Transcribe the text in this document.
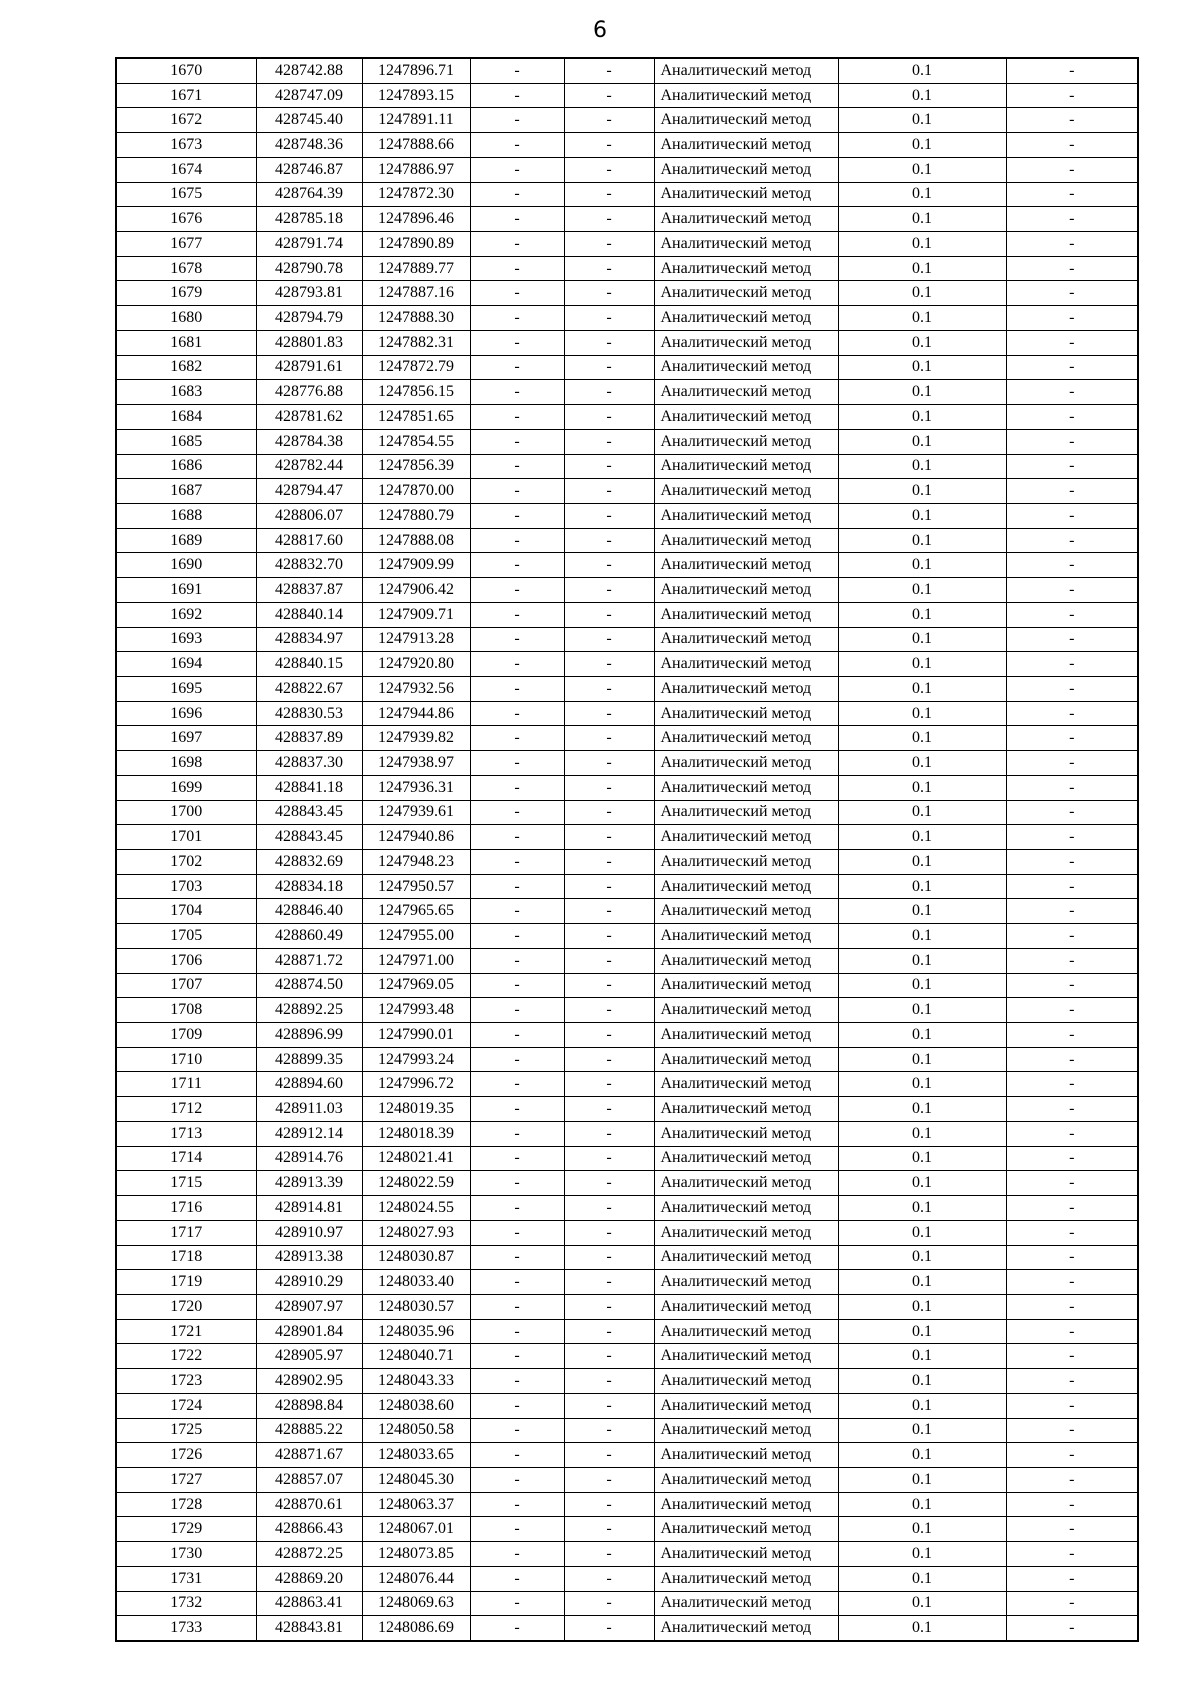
6
1670	428742.88	1247896.71	-	-	Аналитический метод	0.1	-
1671	428747.09	1247893.15	-	-	Аналитический метод	0.1	-
1672	428745.40	1247891.11	-	-	Аналитический метод	0.1	-
1673	428748.36	1247888.66	-	-	Аналитический метод	0.1	-
1674	428746.87	1247886.97	-	-	Аналитический метод	0.1	-
1675	428764.39	1247872.30	-	-	Аналитический метод	0.1	-
1676	428785.18	1247896.46	-	-	Аналитический метод	0.1	-
1677	428791.74	1247890.89	-	-	Аналитический метод	0.1	-
1678	428790.78	1247889.77	-	-	Аналитический метод	0.1	-
1679	428793.81	1247887.16	-	-	Аналитический метод	0.1	-
1680	428794.79	1247888.30	-	-	Аналитический метод	0.1	-
1681	428801.83	1247882.31	-	-	Аналитический метод	0.1	-
1682	428791.61	1247872.79	-	-	Аналитический метод	0.1	-
1683	428776.88	1247856.15	-	-	Аналитический метод	0.1	-
1684	428781.62	1247851.65	-	-	Аналитический метод	0.1	-
1685	428784.38	1247854.55	-	-	Аналитический метод	0.1	-
1686	428782.44	1247856.39	-	-	Аналитический метод	0.1	-
1687	428794.47	1247870.00	-	-	Аналитический метод	0.1	-
1688	428806.07	1247880.79	-	-	Аналитический метод	0.1	-
1689	428817.60	1247888.08	-	-	Аналитический метод	0.1	-
1690	428832.70	1247909.99	-	-	Аналитический метод	0.1	-
1691	428837.87	1247906.42	-	-	Аналитический метод	0.1	-
1692	428840.14	1247909.71	-	-	Аналитический метод	0.1	-
1693	428834.97	1247913.28	-	-	Аналитический метод	0.1	-
1694	428840.15	1247920.80	-	-	Аналитический метод	0.1	-
1695	428822.67	1247932.56	-	-	Аналитический метод	0.1	-
1696	428830.53	1247944.86	-	-	Аналитический метод	0.1	-
1697	428837.89	1247939.82	-	-	Аналитический метод	0.1	-
1698	428837.30	1247938.97	-	-	Аналитический метод	0.1	-
1699	428841.18	1247936.31	-	-	Аналитический метод	0.1	-
1700	428843.45	1247939.61	-	-	Аналитический метод	0.1	-
1701	428843.45	1247940.86	-	-	Аналитический метод	0.1	-
1702	428832.69	1247948.23	-	-	Аналитический метод	0.1	-
1703	428834.18	1247950.57	-	-	Аналитический метод	0.1	-
1704	428846.40	1247965.65	-	-	Аналитический метод	0.1	-
1705	428860.49	1247955.00	-	-	Аналитический метод	0.1	-
1706	428871.72	1247971.00	-	-	Аналитический метод	0.1	-
1707	428874.50	1247969.05	-	-	Аналитический метод	0.1	-
1708	428892.25	1247993.48	-	-	Аналитический метод	0.1	-
1709	428896.99	1247990.01	-	-	Аналитический метод	0.1	-
1710	428899.35	1247993.24	-	-	Аналитический метод	0.1	-
1711	428894.60	1247996.72	-	-	Аналитический метод	0.1	-
1712	428911.03	1248019.35	-	-	Аналитический метод	0.1	-
1713	428912.14	1248018.39	-	-	Аналитический метод	0.1	-
1714	428914.76	1248021.41	-	-	Аналитический метод	0.1	-
1715	428913.39	1248022.59	-	-	Аналитический метод	0.1	-
1716	428914.81	1248024.55	-	-	Аналитический метод	0.1	-
1717	428910.97	1248027.93	-	-	Аналитический метод	0.1	-
1718	428913.38	1248030.87	-	-	Аналитический метод	0.1	-
1719	428910.29	1248033.40	-	-	Аналитический метод	0.1	-
1720	428907.97	1248030.57	-	-	Аналитический метод	0.1	-
1721	428901.84	1248035.96	-	-	Аналитический метод	0.1	-
1722	428905.97	1248040.71	-	-	Аналитический метод	0.1	-
1723	428902.95	1248043.33	-	-	Аналитический метод	0.1	-
1724	428898.84	1248038.60	-	-	Аналитический метод	0.1	-
1725	428885.22	1248050.58	-	-	Аналитический метод	0.1	-
1726	428871.67	1248033.65	-	-	Аналитический метод	0.1	-
1727	428857.07	1248045.30	-	-	Аналитический метод	0.1	-
1728	428870.61	1248063.37	-	-	Аналитический метод	0.1	-
1729	428866.43	1248067.01	-	-	Аналитический метод	0.1	-
1730	428872.25	1248073.85	-	-	Аналитический метод	0.1	-
1731	428869.20	1248076.44	-	-	Аналитический метод	0.1	-
1732	428863.41	1248069.63	-	-	Аналитический метод	0.1	-
1733	428843.81	1248086.69	-	-	Аналитический метод	0.1	-
